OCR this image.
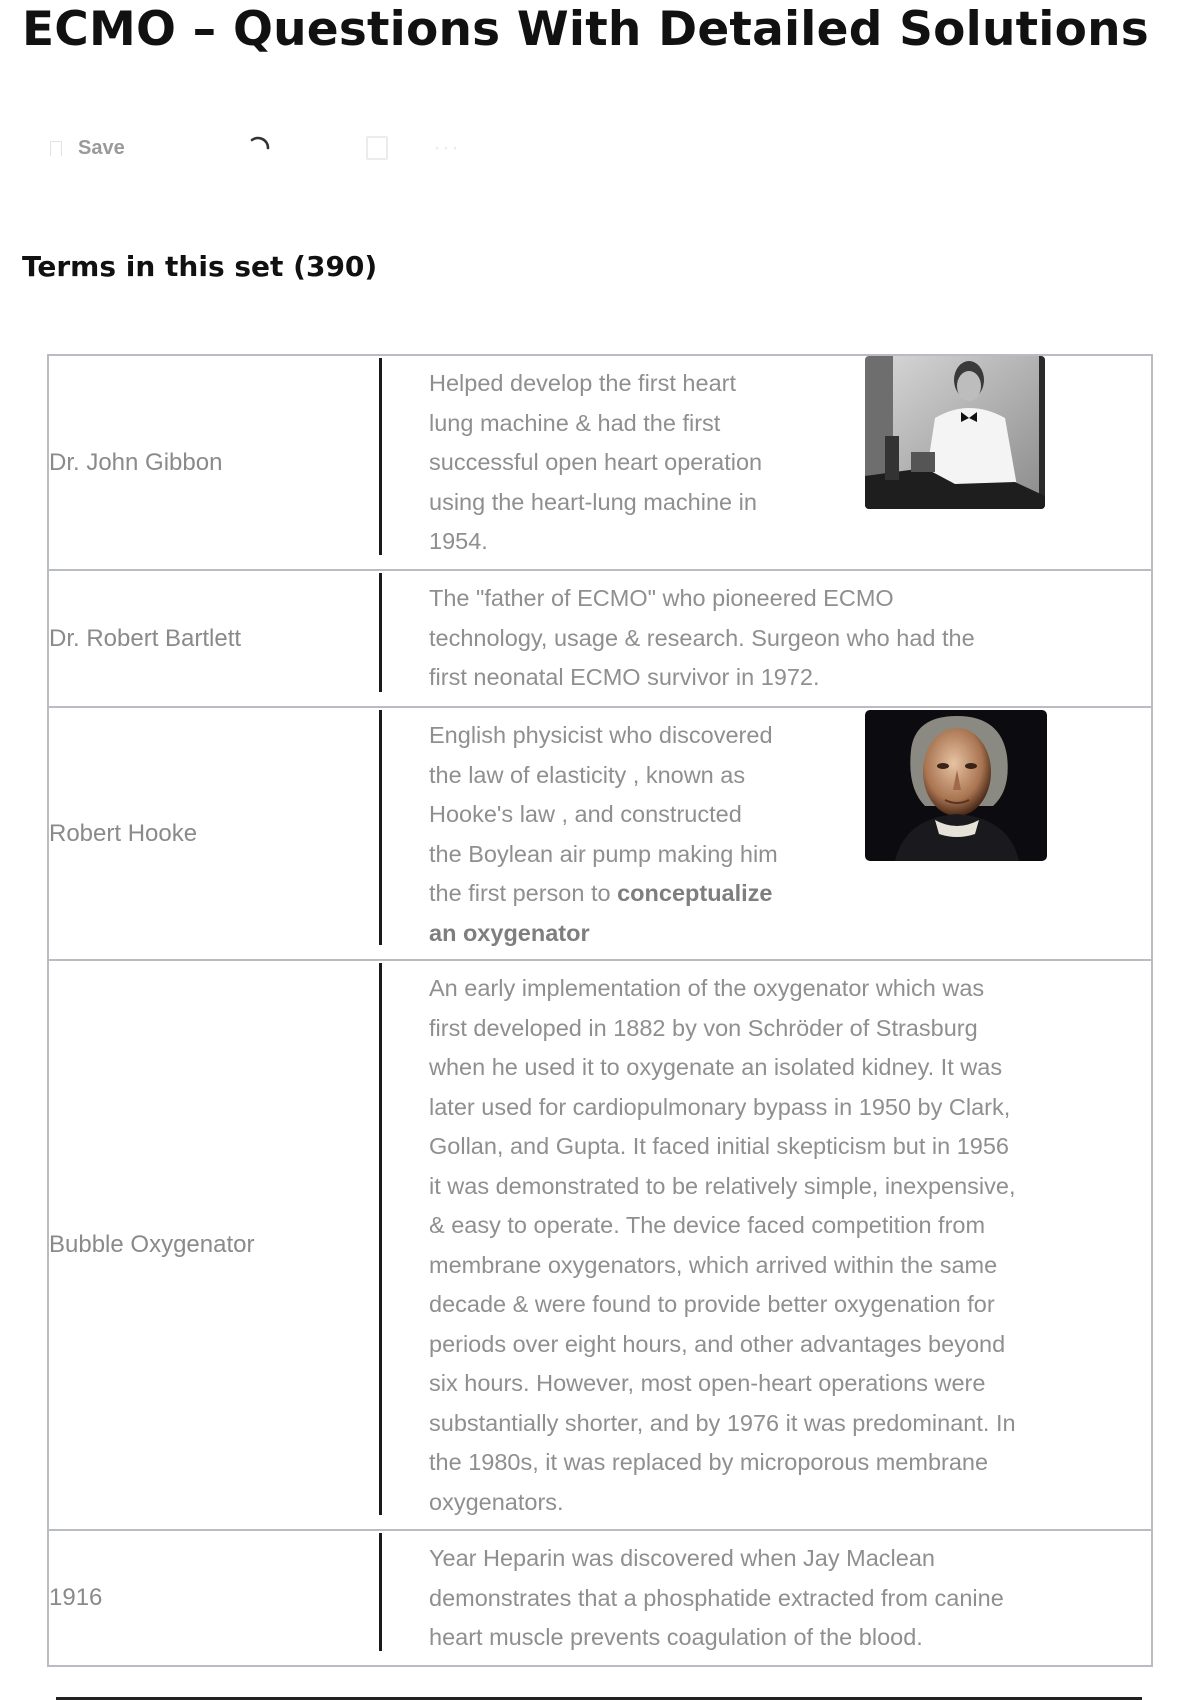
ECMO – Questions With Detailed Solutions
Save	···
Terms in this set (390)
Dr. John Gibbon
Helped develop the first heart
lung machine & had the first
successful open heart operation
using the heart-lung machine in
1954.
Dr. Robert Bartlett
The "father of ECMO" who pioneered ECMO
technology, usage & research. Surgeon who had the
first neonatal ECMO survivor in 1972.
Robert Hooke
English physicist who discovered
the law of elasticity , known as
Hooke's law , and constructed
the Boylean air pump making him
the first person to conceptualize
an oxygenator
Bubble Oxygenator
An early implementation of the oxygenator which was
first developed in 1882 by von Schröder of Strasburg
when he used it to oxygenate an isolated kidney. It was
later used for cardiopulmonary bypass in 1950 by Clark,
Gollan, and Gupta. It faced initial skepticism but in 1956
it was demonstrated to be relatively simple, inexpensive,
& easy to operate. The device faced competition from
membrane oxygenators, which arrived within the same
decade & were found to provide better oxygenation for
periods over eight hours, and other advantages beyond
six hours. However, most open-heart operations were
substantially shorter, and by 1976 it was predominant. In
the 1980s, it was replaced by microporous membrane
oxygenators.
1916
Year Heparin was discovered when Jay Maclean
demonstrates that a phosphatide extracted from canine
heart muscle prevents coagulation of the blood.
